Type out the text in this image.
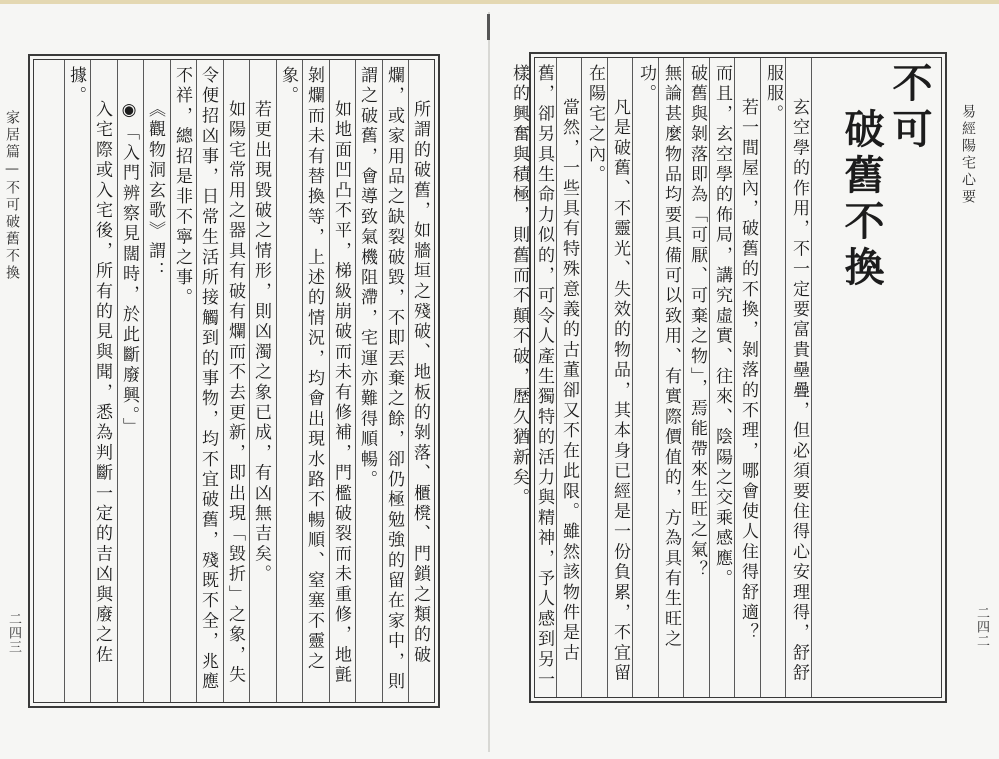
易經陽宅心要
二四二
不可
破舊不換
玄空學的作用，不一定要富貴壘疊，但必須要住得心安理得，舒舒
服服。
若一間屋內，破舊的不換，剝落的不理，哪會使人住得舒適？
而且，玄空學的佈局，講究虛實、往來、陰陽之交乘感應。
破舊與剝落即為「可厭、可棄之物」，焉能帶來生旺之氣？
無論甚麼物品均要具備可以致用、有實際價值的，方為具有生旺之
功。
凡是破舊、不靈光、失效的物品，其本身已經是一份負累，不宜留
在陽宅之內。
當然，一些具有特殊意義的古董卻又不在此限。雖然該物件是古
舊，卻另具生命力似的，可令人產生獨特的活力與精神，予人感到另一
樣的興奮與積極，則舊而不顛不破，歷久猶新矣。
家居篇—不可破舊不換
二四三	所謂的破舊，如牆垣之殘破、地板的剝落、櫃櫈、門鎖之類的破
爛，或家用品之缺裂破毀，不即丟棄之餘，卻仍極勉強的留在家中，則
謂之破舊，會導致氣機阻滯，宅運亦難得順暢。
如地面凹凸不平，梯級崩破而未有修補，門檻破裂而未重修，地氈
剝爛而未有替換等，上述的情況，均會出現水路不暢順、窒塞不靈之
象。
若更出現毀破之情形，則凶濁之象已成，有凶無吉矣。
如陽宅常用之器具有破有爛而不去更新，即出現「毀折」之象，失
令便招凶事，日常生活所接觸到的事物，均不宜破舊，殘既不全，兆應
不祥，總招是非不寧之事。
《觀物洞玄歌》謂：
◉「入門辨察見闊時，於此斷廢興。」
入宅際或入宅後，所有的見與聞，悉為判斷一定的吉凶與廢之佐
據。
